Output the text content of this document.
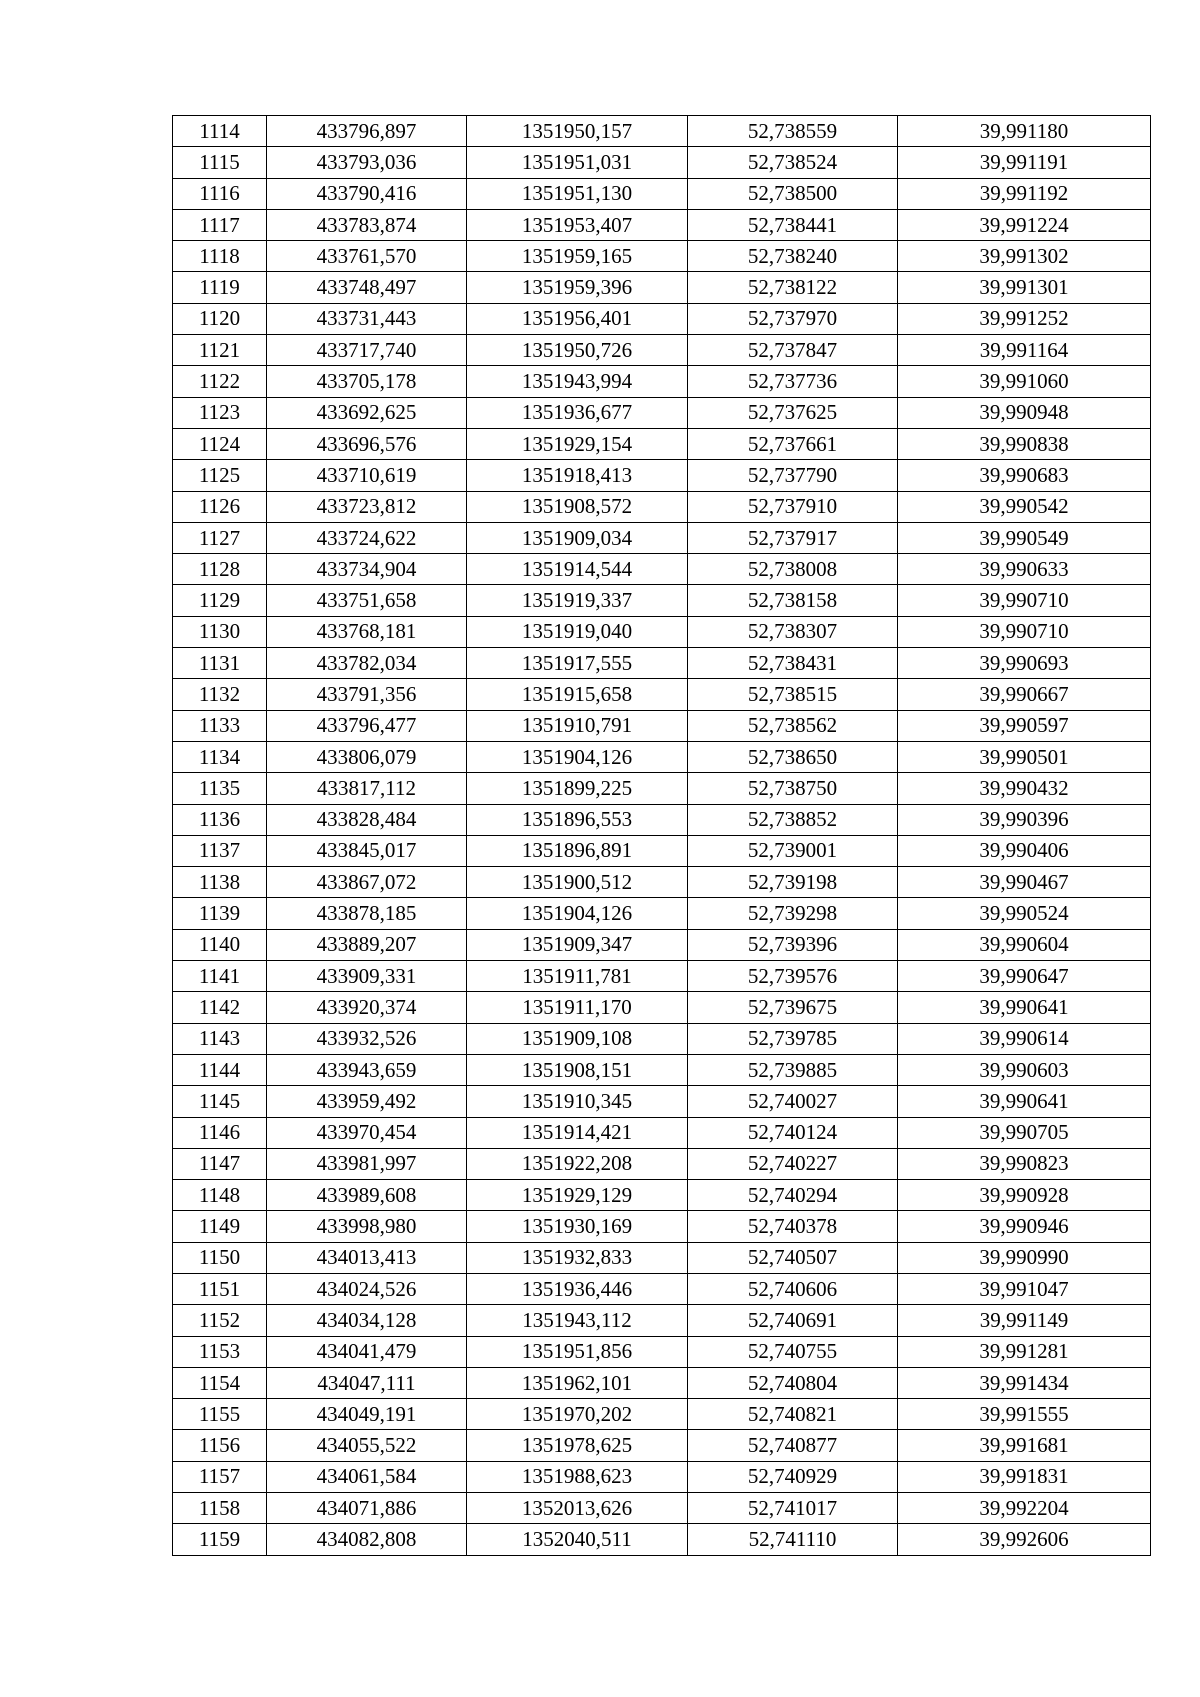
1114	433796,897	1351950,157	52,738559	39,991180
1115	433793,036	1351951,031	52,738524	39,991191
1116	433790,416	1351951,130	52,738500	39,991192
1117	433783,874	1351953,407	52,738441	39,991224
1118	433761,570	1351959,165	52,738240	39,991302
1119	433748,497	1351959,396	52,738122	39,991301
1120	433731,443	1351956,401	52,737970	39,991252
1121	433717,740	1351950,726	52,737847	39,991164
1122	433705,178	1351943,994	52,737736	39,991060
1123	433692,625	1351936,677	52,737625	39,990948
1124	433696,576	1351929,154	52,737661	39,990838
1125	433710,619	1351918,413	52,737790	39,990683
1126	433723,812	1351908,572	52,737910	39,990542
1127	433724,622	1351909,034	52,737917	39,990549
1128	433734,904	1351914,544	52,738008	39,990633
1129	433751,658	1351919,337	52,738158	39,990710
1130	433768,181	1351919,040	52,738307	39,990710
1131	433782,034	1351917,555	52,738431	39,990693
1132	433791,356	1351915,658	52,738515	39,990667
1133	433796,477	1351910,791	52,738562	39,990597
1134	433806,079	1351904,126	52,738650	39,990501
1135	433817,112	1351899,225	52,738750	39,990432
1136	433828,484	1351896,553	52,738852	39,990396
1137	433845,017	1351896,891	52,739001	39,990406
1138	433867,072	1351900,512	52,739198	39,990467
1139	433878,185	1351904,126	52,739298	39,990524
1140	433889,207	1351909,347	52,739396	39,990604
1141	433909,331	1351911,781	52,739576	39,990647
1142	433920,374	1351911,170	52,739675	39,990641
1143	433932,526	1351909,108	52,739785	39,990614
1144	433943,659	1351908,151	52,739885	39,990603
1145	433959,492	1351910,345	52,740027	39,990641
1146	433970,454	1351914,421	52,740124	39,990705
1147	433981,997	1351922,208	52,740227	39,990823
1148	433989,608	1351929,129	52,740294	39,990928
1149	433998,980	1351930,169	52,740378	39,990946
1150	434013,413	1351932,833	52,740507	39,990990
1151	434024,526	1351936,446	52,740606	39,991047
1152	434034,128	1351943,112	52,740691	39,991149
1153	434041,479	1351951,856	52,740755	39,991281
1154	434047,111	1351962,101	52,740804	39,991434
1155	434049,191	1351970,202	52,740821	39,991555
1156	434055,522	1351978,625	52,740877	39,991681
1157	434061,584	1351988,623	52,740929	39,991831
1158	434071,886	1352013,626	52,741017	39,992204
1159	434082,808	1352040,511	52,741110	39,992606
